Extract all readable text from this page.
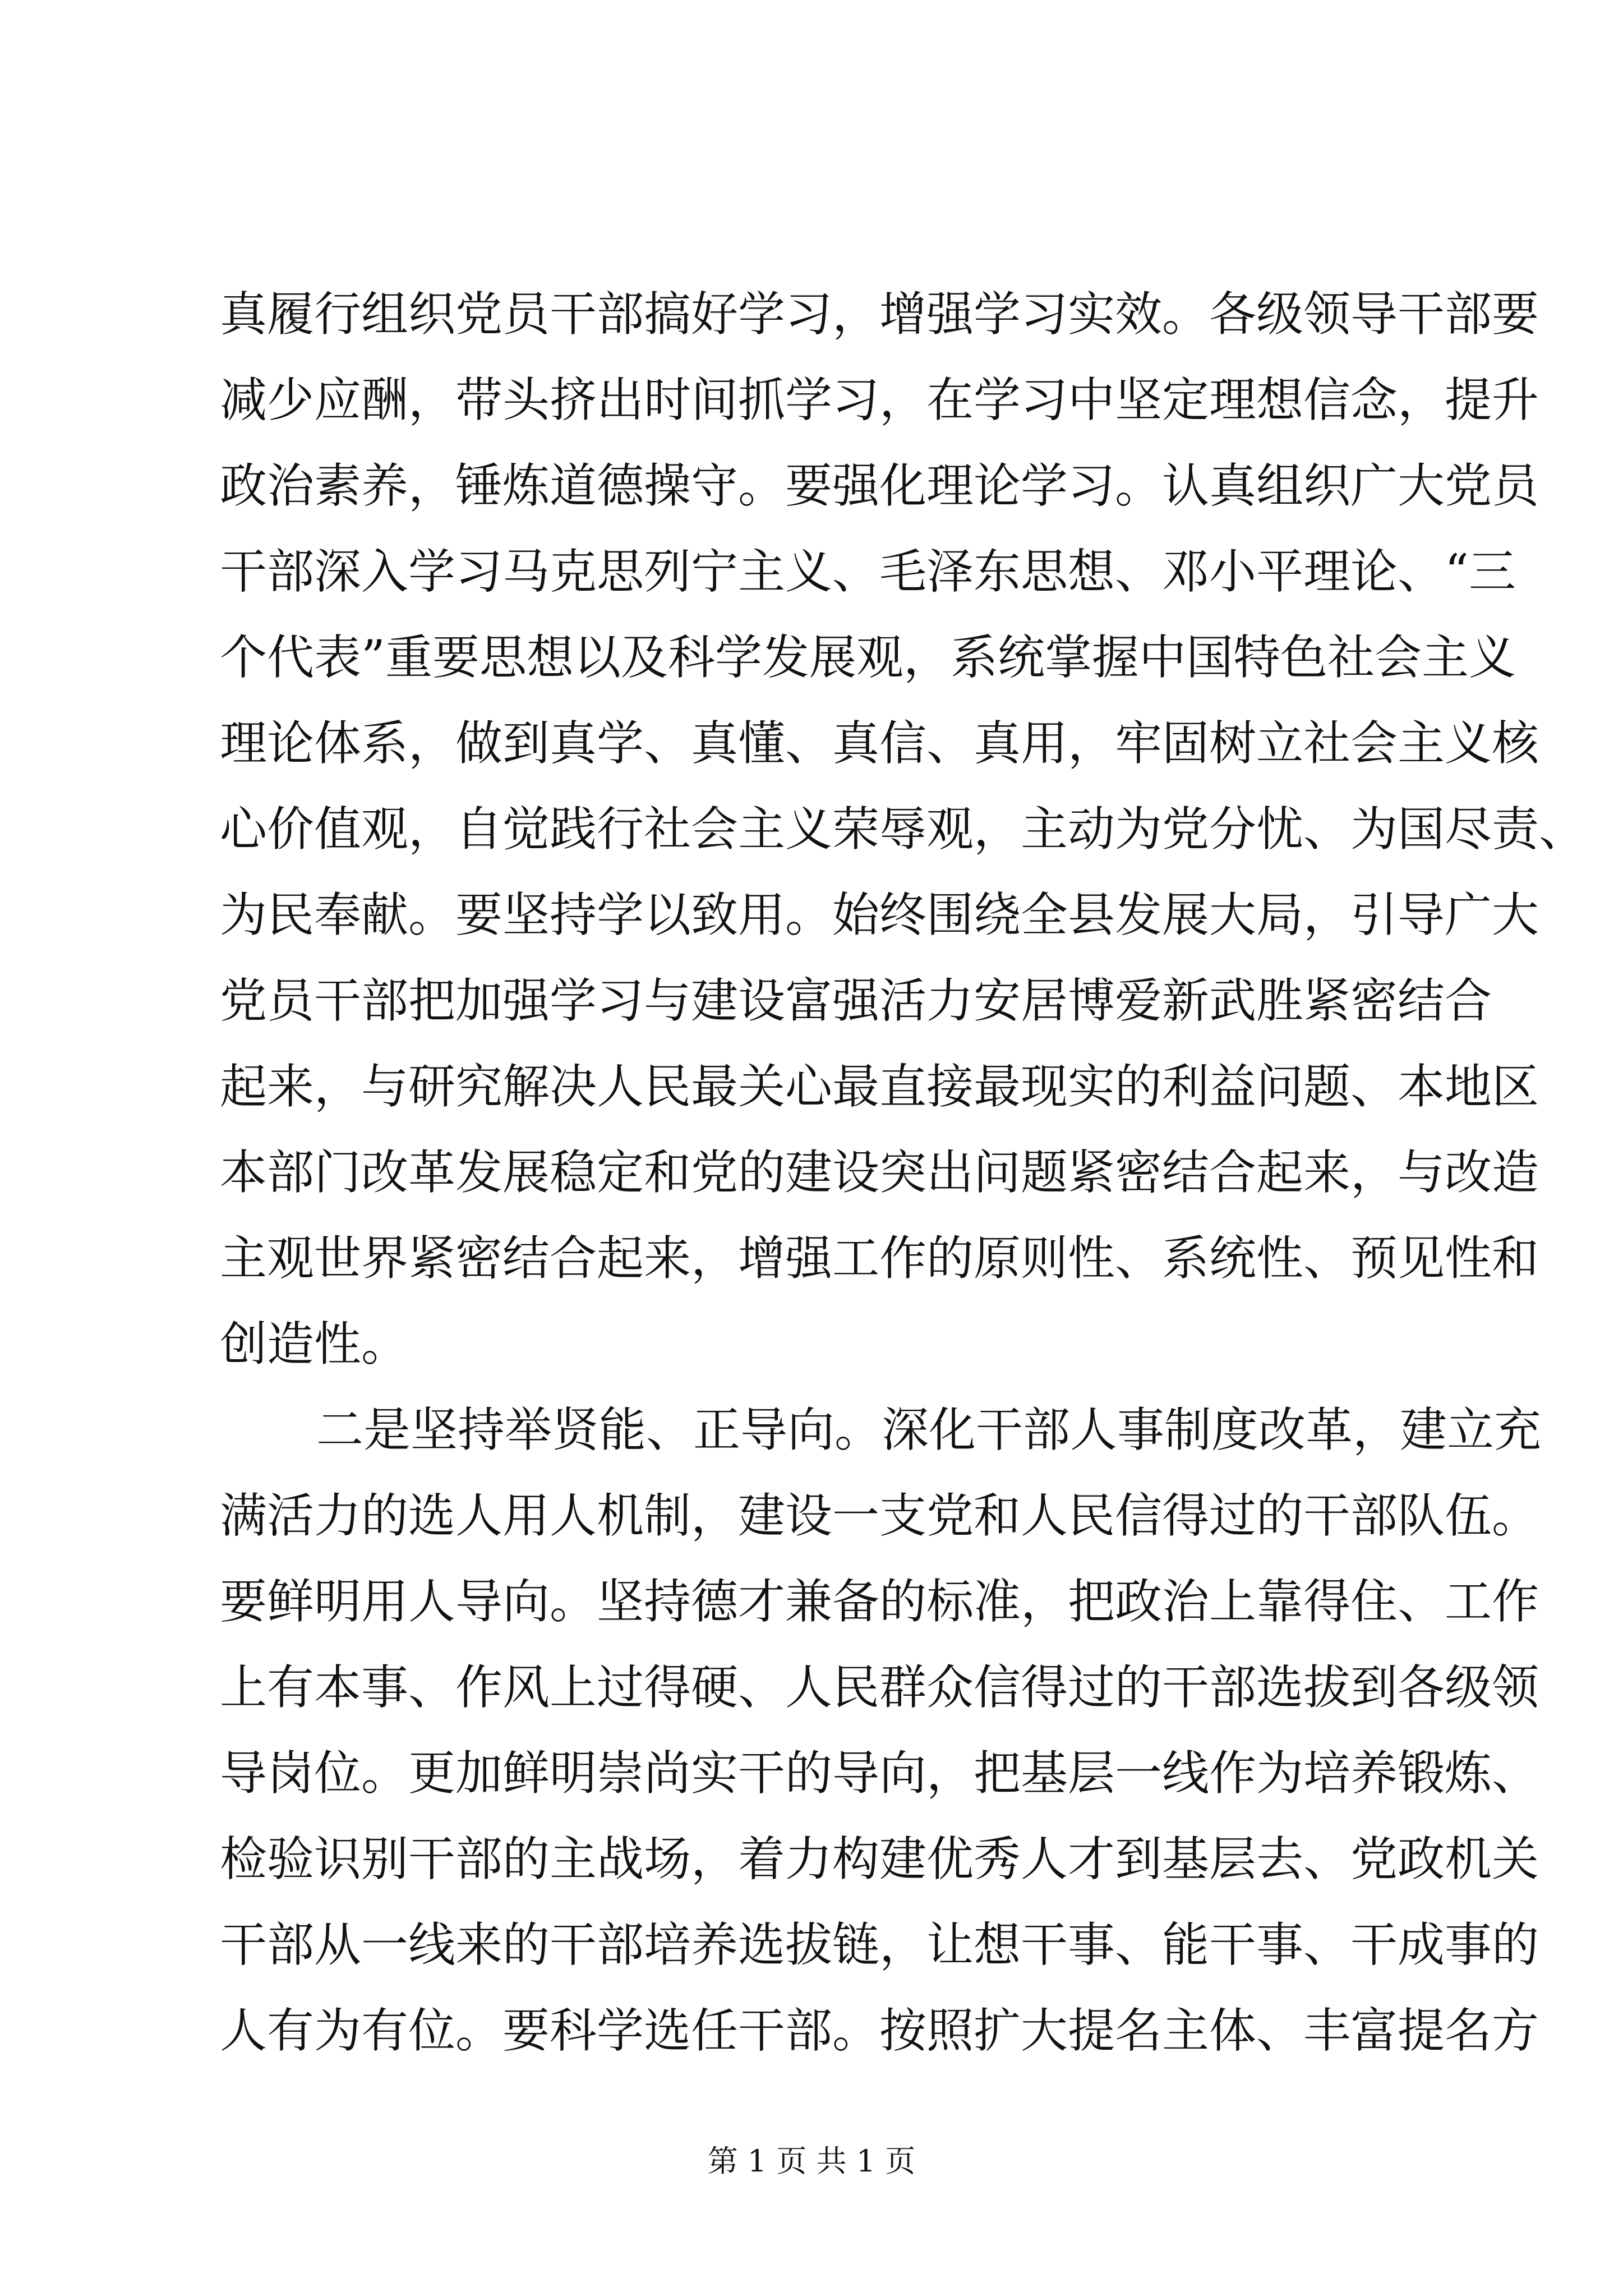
真履行组织党员干部搞好学习，增强学习实效。各级领导干部要
减少应酬，带头挤出时间抓学习，在学习中坚定理想信念，提升
政治素养，锤炼道德操守。要强化理论学习。认真组织广大党员
干部深入学习马克思列宁主义、毛泽东思想、邓小平理论、“三
个代表”重要思想以及科学发展观，系统掌握中国特色社会主义
理论体系，做到真学、真懂、真信、真用，牢固树立社会主义核
心价值观，自觉践行社会主义荣辱观，主动为党分忧、为国尽责、
为民奉献。要坚持学以致用。始终围绕全县发展大局，引导广大
党员干部把加强学习与建设富强活力安居博爱新武胜紧密结合
起来，与研究解决人民最关心最直接最现实的利益问题、本地区
本部门改革发展稳定和党的建设突出问题紧密结合起来，与改造
主观世界紧密结合起来，增强工作的原则性、系统性、预见性和
创造性。
二是坚持举贤能、正导向。深化干部人事制度改革，建立充
满活力的选人用人机制，建设一支党和人民信得过的干部队伍。
要鲜明用人导向。坚持德才兼备的标准，把政治上靠得住、工作
上有本事、作风上过得硬、人民群众信得过的干部选拔到各级领
导岗位。更加鲜明崇尚实干的导向，把基层一线作为培养锻炼、
检验识别干部的主战场，着力构建优秀人才到基层去、党政机关
干部从一线来的干部培养选拔链，让想干事、能干事、干成事的
人有为有位。要科学选任干部。按照扩大提名主体、丰富提名方
第 1 页 共 1 页
